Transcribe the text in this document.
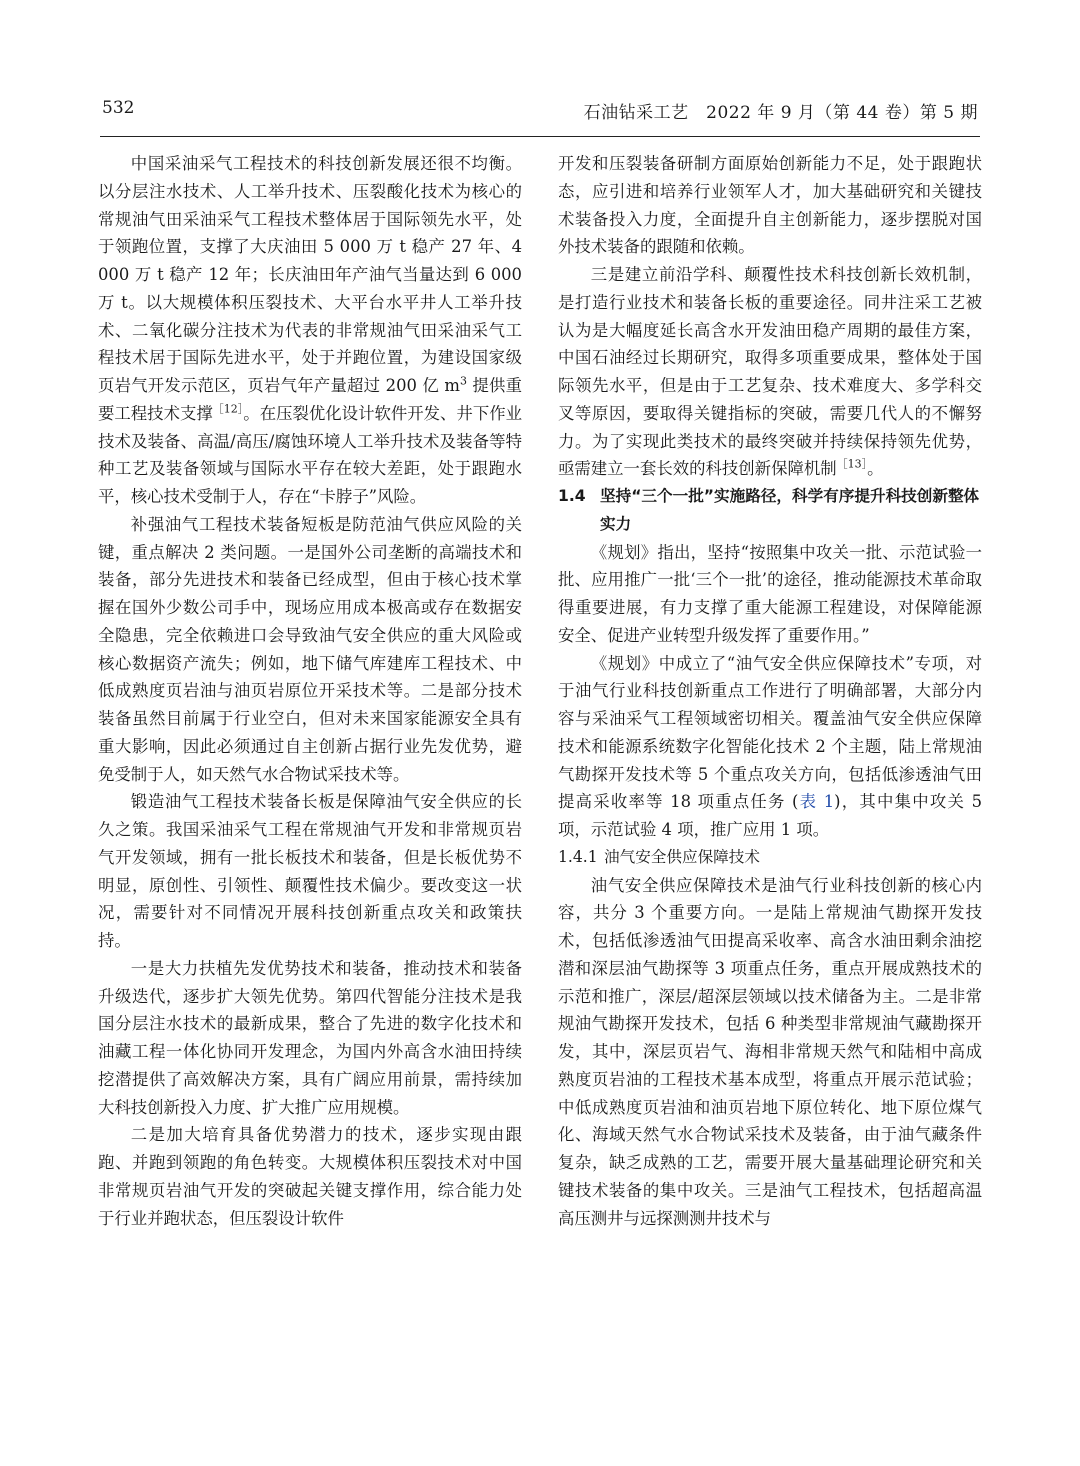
532	石油钻采工艺　2022 年 9 月（第 44 卷）第 5 期

中国采油采气工程技术的科技创新发展还很不均衡。以分层注水技术、人工举升技术、压裂酸化技术为核心的常规油气田采油采气工程技术整体居于国际领先水平，处于领跑位置，支撑了大庆油田 5 000 万 t 稳产 27 年、4 000 万 t 稳产 12 年；长庆油田年产油气当量达到 6 000 万 t。以大规模体积压裂技术、大平台水平井人工举升技术、二氧化碳分注技术为代表的非常规油气田采油采气工程技术居于国际先进水平，处于并跑位置，为建设国家级页岩气开发示范区，页岩气年产量超过 200 亿 $m^3$ 提供重要工程技术支撑$^{[12]}$。在压裂优化设计软件开发、井下作业技术及装备、高温/高压/腐蚀环境人工举升技术及装备等特种工艺及装备领域与国际水平存在较大差距，处于跟跑水平，核心技术受制于人，存在“卡脖子”风险。

补强油气工程技术装备短板是防范油气供应风险的关键，重点解决 2 类问题。一是国外公司垄断的高端技术和装备，部分先进技术和装备已经成型，但由于核心技术掌握在国外少数公司手中，现场应用成本极高或存在数据安全隐患，完全依赖进口会导致油气安全供应的重大风险或核心数据资产流失；例如，地下储气库建库工程技术、中低成熟度页岩油与油页岩原位开采技术等。二是部分技术装备虽然目前属于行业空白，但对未来国家能源安全具有重大影响，因此必须通过自主创新占据行业先发优势，避免受制于人，如天然气水合物试采技术等。

锻造油气工程技术装备长板是保障油气安全供应的长久之策。我国采油采气工程在常规油气开发和非常规页岩气开发领域，拥有一批长板技术和装备，但是长板优势不明显，原创性、引领性、颠覆性技术偏少。要改变这一状况，需要针对不同情况开展科技创新重点攻关和政策扶持。

一是大力扶植先发优势技术和装备，推动技术和装备升级迭代，逐步扩大领先优势。第四代智能分注技术是我国分层注水技术的最新成果，整合了先进的数字化技术和油藏工程一体化协同开发理念，为国内外高含水油田持续挖潜提供了高效解决方案，具有广阔应用前景，需持续加大科技创新投入力度、扩大推广应用规模。

二是加大培育具备优势潜力的技术，逐步实现由跟跑、并跑到领跑的角色转变。大规模体积压裂技术对中国非常规页岩油气开发的突破起关键支撑作用，综合能力处于行业并跑状态，但压裂设计软件

开发和压裂装备研制方面原始创新能力不足，处于跟跑状态，应引进和培养行业领军人才，加大基础研究和关键技术装备投入力度，全面提升自主创新能力，逐步摆脱对国外技术装备的跟随和依赖。

三是建立前沿学科、颠覆性技术科技创新长效机制，是打造行业技术和装备长板的重要途径。同井注采工艺被认为是大幅度延长高含水开发油田稳产周期的最佳方案，中国石油经过长期研究，取得多项重要成果，整体处于国际领先水平，但是由于工艺复杂、技术难度大、多学科交叉等原因，要取得关键指标的突破，需要几代人的不懈努力。为了实现此类技术的最终突破并持续保持领先优势，亟需建立一套长效的科技创新保障机制$^{[13]}$。

1.4 坚持“三个一批”实施路径，科学有序提升科技创新整体实力

《规划》指出，坚持“按照集中攻关一批、示范试验一批、应用推广一批‘三个一批’的途径，推动能源技术革命取得重要进展，有力支撑了重大能源工程建设，对保障能源安全、促进产业转型升级发挥了重要作用。”

《规划》中成立了“油气安全供应保障技术”专项，对于油气行业科技创新重点工作进行了明确部署，大部分内容与采油采气工程领域密切相关。覆盖油气安全供应保障技术和能源系统数字化智能化技术 2 个主题，陆上常规油气勘探开发技术等 5 个重点攻关方向，包括低渗透油气田提高采收率等 18 项重点任务 (表 1)，其中集中攻关 5 项，示范试验 4 项，推广应用 1 项。

1.4.1 油气安全供应保障技术

油气安全供应保障技术是油气行业科技创新的核心内容，共分 3 个重要方向。一是陆上常规油气勘探开发技术，包括低渗透油气田提高采收率、高含水油田剩余油挖潜和深层油气勘探等 3 项重点任务，重点开展成熟技术的示范和推广，深层/超深层领域以技术储备为主。二是非常规油气勘探开发技术，包括 6 种类型非常规油气藏勘探开发，其中，深层页岩气、海相非常规天然气和陆相中高成熟度页岩油的工程技术基本成型，将重点开展示范试验；中低成熟度页岩油和油页岩地下原位转化、地下原位煤气化、海域天然气水合物试采技术及装备，由于油气藏条件复杂，缺乏成熟的工艺，需要开展大量基础理论研究和关键技术装备的集中攻关。三是油气工程技术，包括超高温高压测井与远探测测井技术与
